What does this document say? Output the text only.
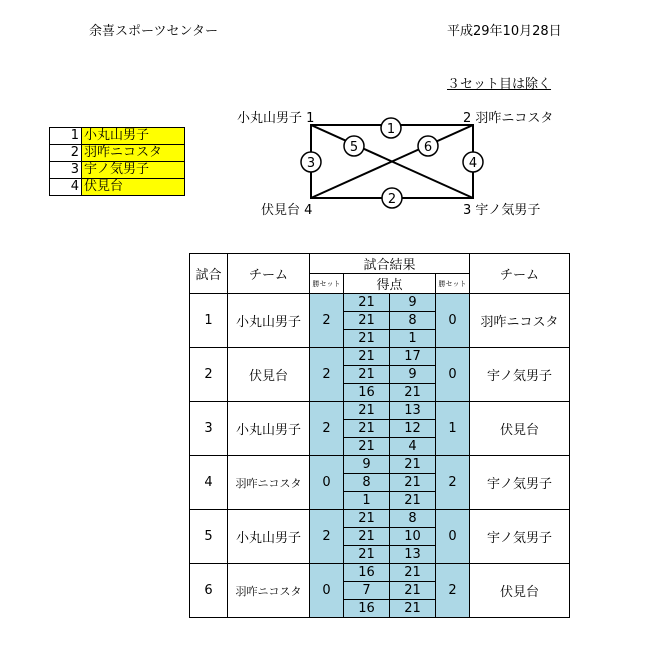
余喜スポーツセンター	平成29年10月28日
３セット目は除く
1	小丸山男子
2	羽咋ニコスタ
3	宇ノ気男子
4	伏見台
小丸山男子 1	2 羽咋ニコスタ
伏見台 4	3 宇ノ気男子
1
2
3	4
5	6
試合	チーム	試合結果			チーム
		勝セット	得点	勝セット	
1	小丸山男子	2	21 9	0	羽咋ニコスタ

			21 8		

			21 1		

2	伏見台	2	21 17	0	宇ノ気男子

			21 9		

			16 21		

3	小丸山男子	2	21 13	1	伏見台

			21 12		

			21 4		

4	羽咋ニコスタ	0	9 21	2	宇ノ気男子

			8 21		

			1 21		

5	小丸山男子	2	21 8	0	宇ノ気男子

			21 10		

			21 13		

6	羽咋ニコスタ	0	16 21	2	伏見台

			7 21		

			16 21		
